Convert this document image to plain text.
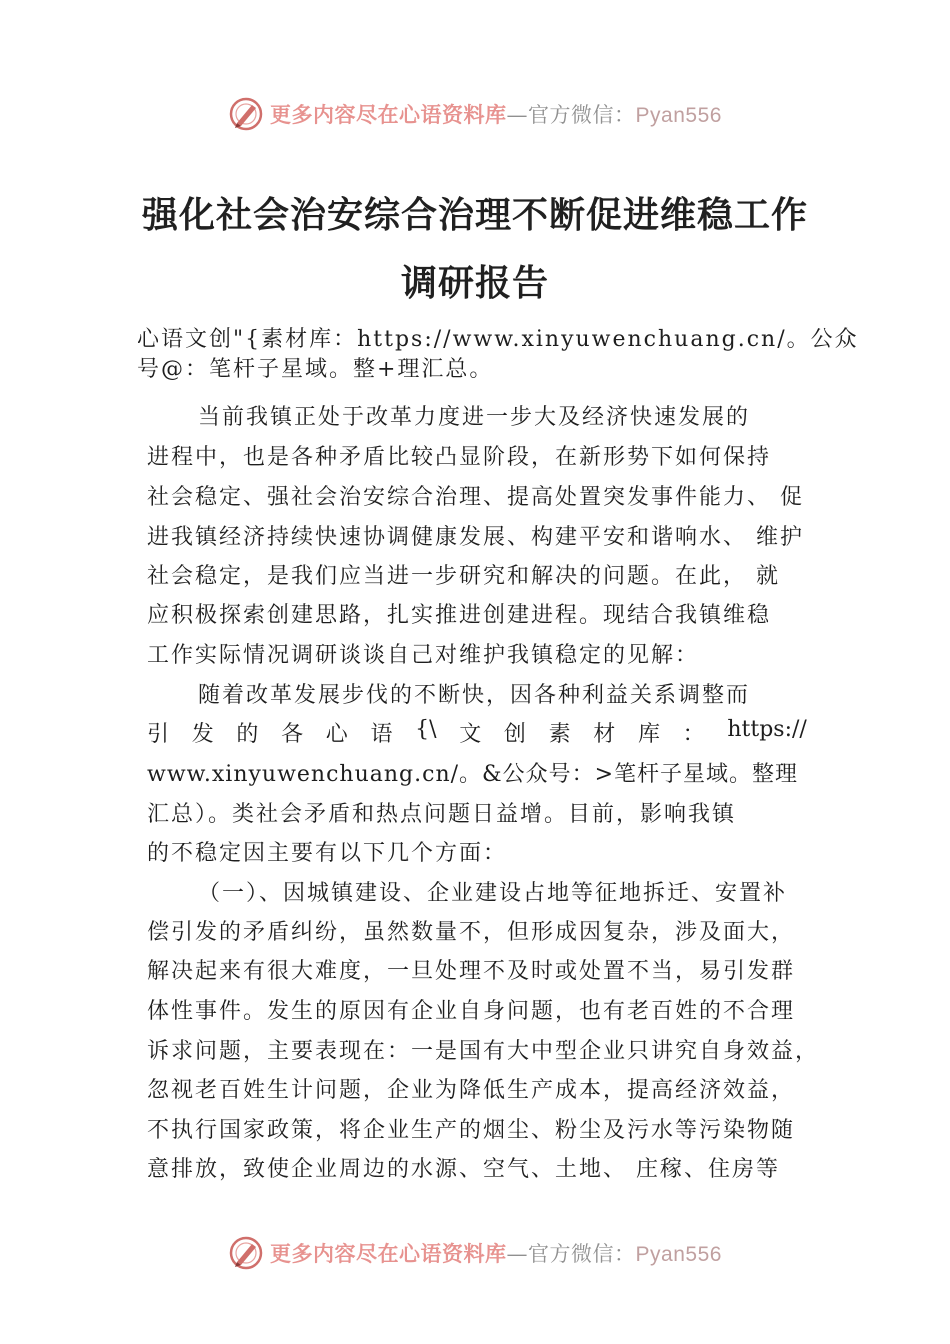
更多内容尽在心语资料库—官方微信：Pyan556
强化社会治安综合治理不断促进维稳工作
调研报告

心语文创"{素材库：https://www.xinyuwenchuang.cn/。公众

号@：笔杆子星域。整+理汇总。

当前我镇正处于改革力度进一步大及经济快速发展的

进程中，也是各种矛盾比较凸显阶段，在新形势下如何保持

社会稳定、强社会治安综合治理、提高处置突发事件能力、 促

进我镇经济持续快速协调健康发展、构建平安和谐响水、 维护

社会稳定，是我们应当进一步研究和解决的问题。在此， 就

应积极探索创建思路，扎实推进创建进程。现结合我镇维稳

工作实际情况调研谈谈自己对维护我镇稳定的见解：

随着改革发展步伐的不断快，因各种利益关系调整而

引 发 的 各 心 语 {\ 文 创 素 材 库 ： https://

www.xinyuwenchuang.cn/。&公众号：>笔杆子星域。整理

汇总）。类社会矛盾和热点问题日益增。目前，影响我镇

的不稳定因主要有以下几个方面：

（一）、因城镇建设、企业建设占地等征地拆迁、安置补

偿引发的矛盾纠纷，虽然数量不，但形成因复杂，涉及面大，

解决起来有很大难度，一旦处理不及时或处置不当，易引发群

体性事件。发生的原因有企业自身问题，也有老百姓的不合理

诉求问题，主要表现在：一是国有大中型企业只讲究自身效益，

忽视老百姓生计问题，企业为降低生产成本，提高经济效益，

不执行国家政策，将企业生产的烟尘、粉尘及污水等污染物随

意排放，致使企业周边的水源、空气、土地、 庄稼、住房等

更多内容尽在心语资料库—官方微信：Pyan556
